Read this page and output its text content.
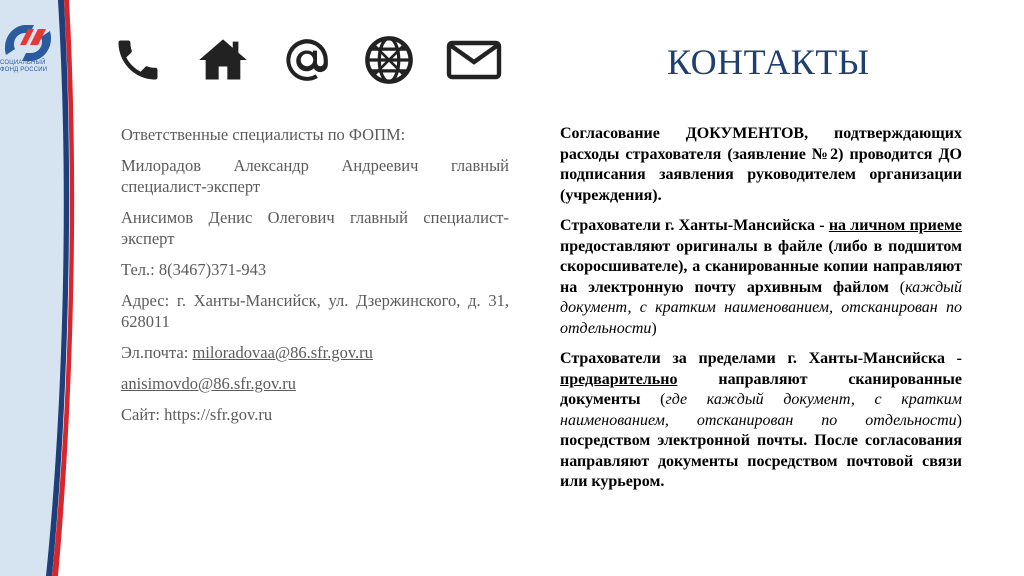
СОЦИАЛЬНЫЙ
ФОНД РОССИИ	КОНТАКТЫ

Ответственные специалисты по ФОПМ:

Милорадов Александр Андреевич главный специалист-эксперт

Анисимов Денис Олегович главный специалист-эксперт

Тел.: 8(3467)371-943

Адрес: г. Ханты-Мансийск, ул. Дзержинского, д. 31, 628011

Эл.почта: miloradovaa@86.sfr.gov.ru

anisimovdo@86.sfr.gov.ru

Сайт: https://sfr.gov.ru

Согласование ДОКУМЕНТОВ, подтверждающих расходы страхователя (заявление №2) проводится ДО подписания заявления руководителем организации (учреждения).

Страхователи г. Ханты-Мансийска - на личном приеме предоставляют оригиналы в файле (либо в подшитом скоросшивателе), а сканированные копии направляют на электронную почту архивным файлом (каждый документ, с кратким наименованием, отсканирован по отдельности)

Страхователи за пределами г. Ханты-Мансийска - предварительно направляют сканированные документы (где каждый документ, с кратким наименованием, отсканирован по отдельности) посредством электронной почты. После согласования направляют документы посредством почтовой связи или курьером.
